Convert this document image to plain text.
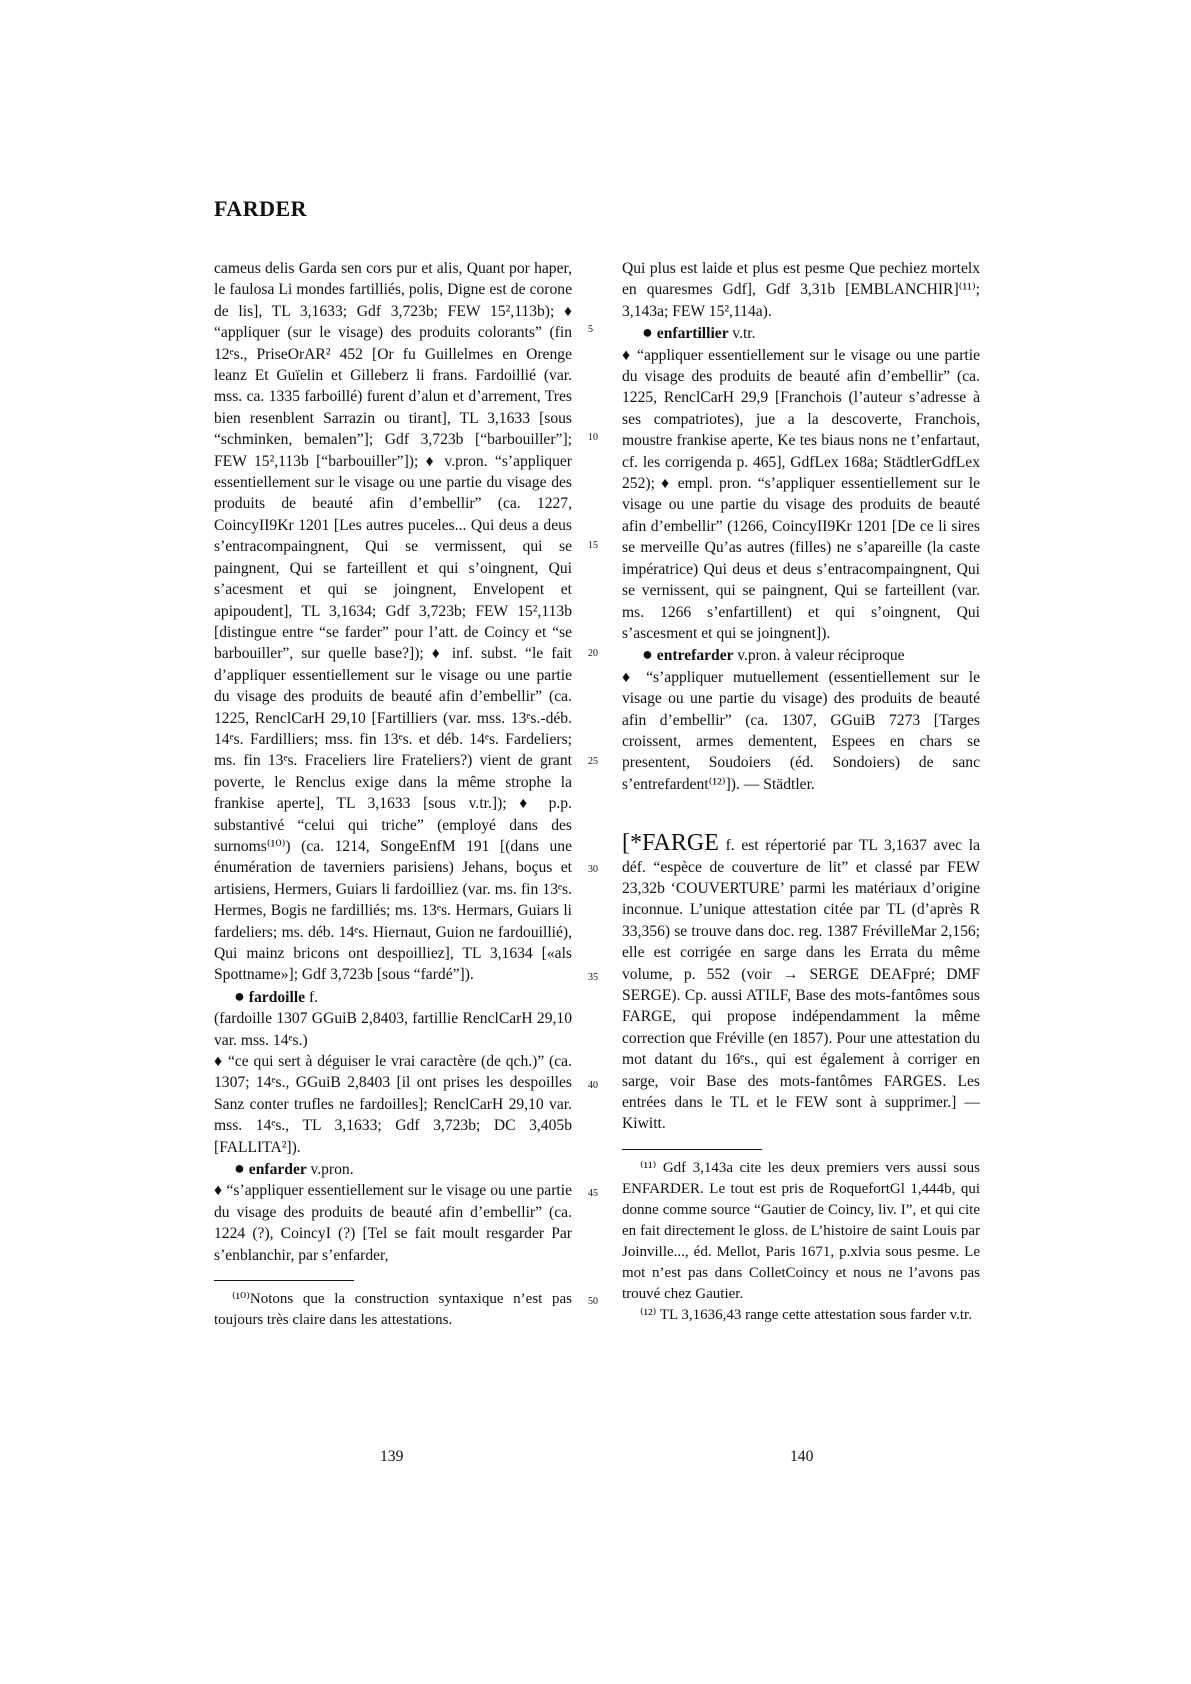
FARDER

cameus delis Garda sen cors pur et alis, Quant por haper, le faulosa Li mondes fartilliés, polis, Digne est de corone de lis], TL 3,1633; Gdf 3,723b; FEW 15²,113b); ♦ “appliquer (sur le visage) des produits colorants” (fin 12ᵉs., PriseOrAR² 452 [Or fu Guillelmes en Orenge leanz Et Guïelin et Gilleberz li frans. Fardoillié (var. mss. ca. 1335 farboillé) furent d’alun et d’arrement, Tres bien resenblent Sarrazin ou tirant], TL 3,1633 [sous “schminken, bemalen”]; Gdf 3,723b [“barbouiller”]; FEW 15²,113b [“barbouiller”]); ♦ v.pron. “s’appliquer essentiellement sur le visage ou une partie du visage des produits de beauté afin d’embellir” (ca. 1227, CoincyII9Kr 1201 [Les autres puceles... Qui deus a deus s’entracompaingnent, Qui se vermissent, qui se paingnent, Qui se farteillent et qui s’oingnent, Qui s’acesment et qui se joingnent, Envelopent et apipoudent], TL 3,1634; Gdf 3,723b; FEW 15²,113b [distingue entre “se farder” pour l’att. de Coincy et “se barbouiller”, sur quelle base?]); ♦ inf. subst. “le fait d’appliquer essentiellement sur le visage ou une partie du visage des produits de beauté afin d’embellir” (ca. 1225, RenclCarH 29,10 [Fartilliers (var. mss. 13ᵉs.-déb. 14ᵉs. Fardilliers; mss. fin 13ᵉs. et déb. 14ᵉs. Fardeliers; ms. fin 13ᵉs. Fraceliers lire Frateliers?) vient de grant poverte, le Renclus exige dans la même strophe la frankise aperte], TL 3,1633 [sous v.tr.]); ♦ p.p. substantivé “celui qui triche” (employé dans des surnoms⁽¹⁰⁾) (ca. 1214, SongeEnfM 191 [(dans une énumération de taverniers parisiens) Jehans, boçus et artisiens, Hermers, Guiars li fardoilliez (var. ms. fin 13ᵉs. Hermes, Bogis ne fardilliés; ms. 13ᵉs. Hermars, Guiars li fardeliers; ms. déb. 14ᵉs. Hiernaut, Guion ne fardouillié), Qui mainz bricons ont despoilliez], TL 3,1634 [«als Spottname»]; Gdf 3,723b [sous “fardé”]).

● fardoille f.

(fardoille 1307 GGuiB 2,8403, fartillie RenclCarH 29,10 var. mss. 14ᵉs.)

♦ “ce qui sert à déguiser le vrai caractère (de qch.)” (ca. 1307; 14ᵉs., GGuiB 2,8403 [il ont prises les despoilles Sanz conter trufles ne fardoilles]; RenclCarH 29,10 var. mss. 14ᵉs., TL 3,1633; Gdf 3,723b; DC 3,405b [FALLITA²]).

● enfarder v.pron.

♦ “s’appliquer essentiellement sur le visage ou une partie du visage des produits de beauté afin d’embellir” (ca. 1224 (?), CoincyI (?) [Tel se fait moult resgarder Par s’enblanchir, par s’enfarder,

⁽¹⁰⁾Notons que la construction syntaxique n’est pas toujours très claire dans les attestations.

5
10
15
20
25
30
35
40
45
50

Qui plus est laide et plus est pesme Que pechiez mortelx en quaresmes Gdf], Gdf 3,31b [EMBLANCHIR]⁽¹¹⁾; 3,143a; FEW 15²,114a).

● enfartillier v.tr.

♦ “appliquer essentiellement sur le visage ou une partie du visage des produits de beauté afin d’embellir” (ca. 1225, RenclCarH 29,9 [Franchois (l’auteur s’adresse à ses compatriotes), jue a la descoverte, Franchois, moustre frankise aperte, Ke tes biaus nons ne t’enfartaut, cf. les corrigenda p. 465], GdfLex 168a; StädtlerGdfLex 252); ♦ empl. pron. “s’appliquer essentiellement sur le visage ou une partie du visage des produits de beauté afin d’embellir” (1266, CoincyII9Kr 1201 [De ce li sires se merveille Qu’as autres (filles) ne s’apareille (la caste impératrice) Qui deus et deus s’entracompaingnent, Qui se vernissent, qui se paingnent, Qui se farteillent (var. ms. 1266 s’enfartillent) et qui s’oingnent, Qui s’ascesment et qui se joingnent]).

● entrefarder v.pron. à valeur réciproque

♦ “s’appliquer mutuellement (essentiellement sur le visage ou une partie du visage) des produits de beauté afin d’embellir” (ca. 1307, GGuiB 7273 [Targes croissent, armes dementent, Espees en chars se presentent, Soudoiers (éd. Sondoiers) de sanc s’entrefardent⁽¹²⁾]). — Städtler.

[*FARGE f. est répertorié par TL 3,1637 avec la déf. “espèce de couverture de lit” et classé par FEW 23,32b ‘COUVERTURE’ parmi les matériaux d’origine inconnue. L’unique attestation citée par TL (d’après R 33,356) se trouve dans doc. reg. 1387 FrévilleMar 2,156; elle est corrigée en sarge dans les Errata du même volume, p. 552 (voir → SERGE DEAFpré; DMF SERGE). Cp. aussi ATILF, Base des mots-fantômes sous FARGE, qui propose indépendamment la même correction que Fréville (en 1857). Pour une attestation du mot datant du 16ᵉs., qui est également à corriger en sarge, voir Base des mots-fantômes FARGES. Les entrées dans le TL et le FEW sont à supprimer.] — Kiwitt.

⁽¹¹⁾ Gdf 3,143a cite les deux premiers vers aussi sous ENFARDER. Le tout est pris de RoquefortGl 1,444b, qui donne comme source “Gautier de Coincy, liv. I”, et qui cite en fait directement le gloss. de L’histoire de saint Louis par Joinville..., éd. Mellot, Paris 1671, p.xlvia sous pesme. Le mot n’est pas dans ColletCoincy et nous ne l’avons pas trouvé chez Gautier.

⁽¹²⁾ TL 3,1636,43 range cette attestation sous farder v.tr.

139	140
